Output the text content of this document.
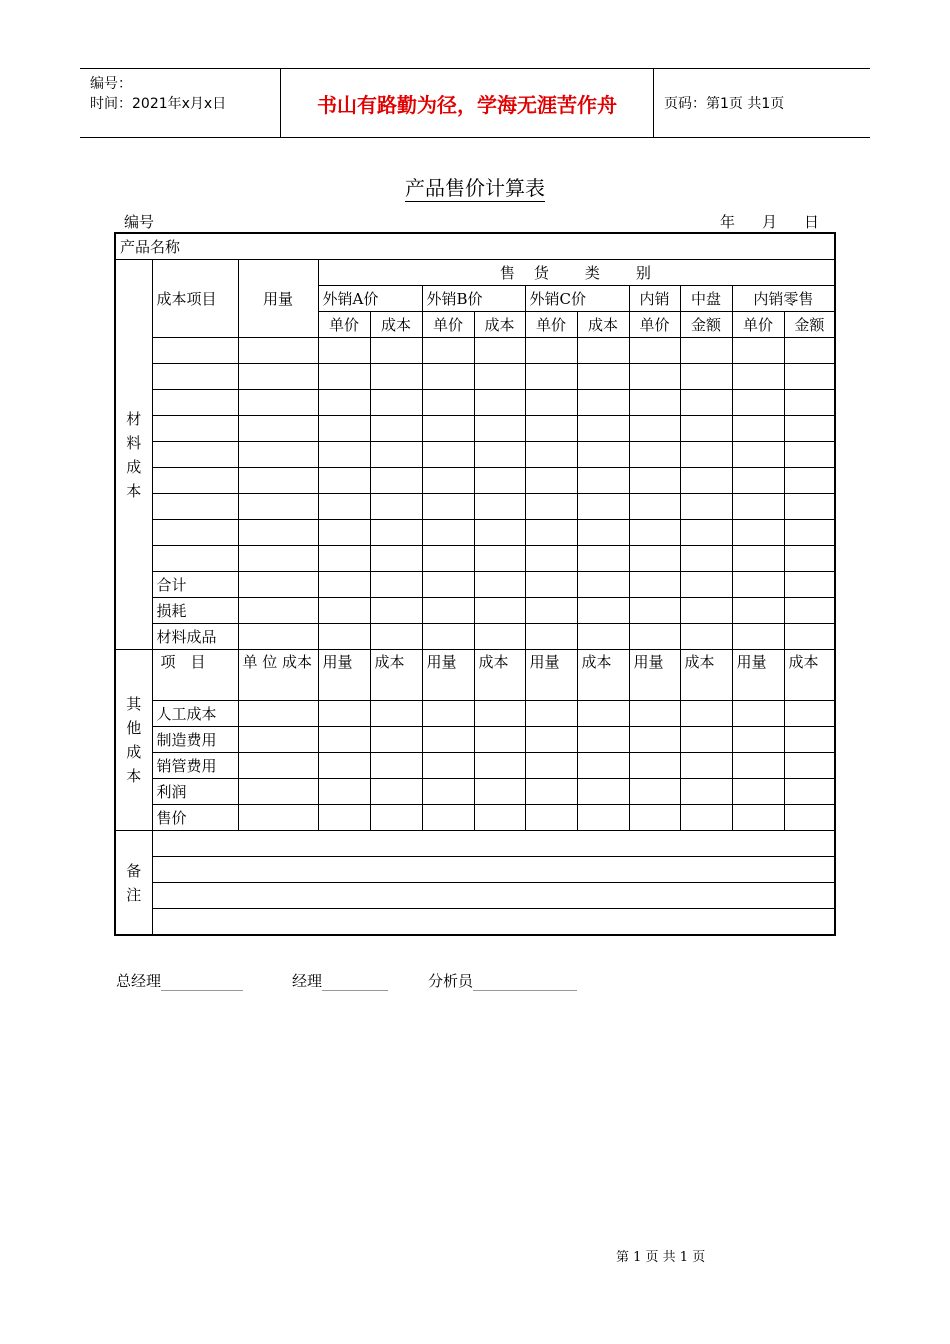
编号：
时间：2021年x月x日	书山有路勤为径，学海无涯苦作舟	页码：第1页 共1页
产品售价计算表
编号	年 月 日
产品名称												
材
料
成
本	成本项目	用量	售　货　　类　　别									
			外销A价		外销B价		外销C价		内销	中盘	内销零售	
			单价	成本	单价	成本	单价	成本	单价	金额	单价	金额

	合计											
	损耗											
	材料成品											
其
他
成
本	项　目	单 位 成本	用量	成本	用量	成本	用量	成本	用量	成本	用量	成本
	人工成本											
	制造费用											
	销管费用											
	利润											
	售价											
备
注												

总经理	经理	分析员
第 1 页 共 1 页
